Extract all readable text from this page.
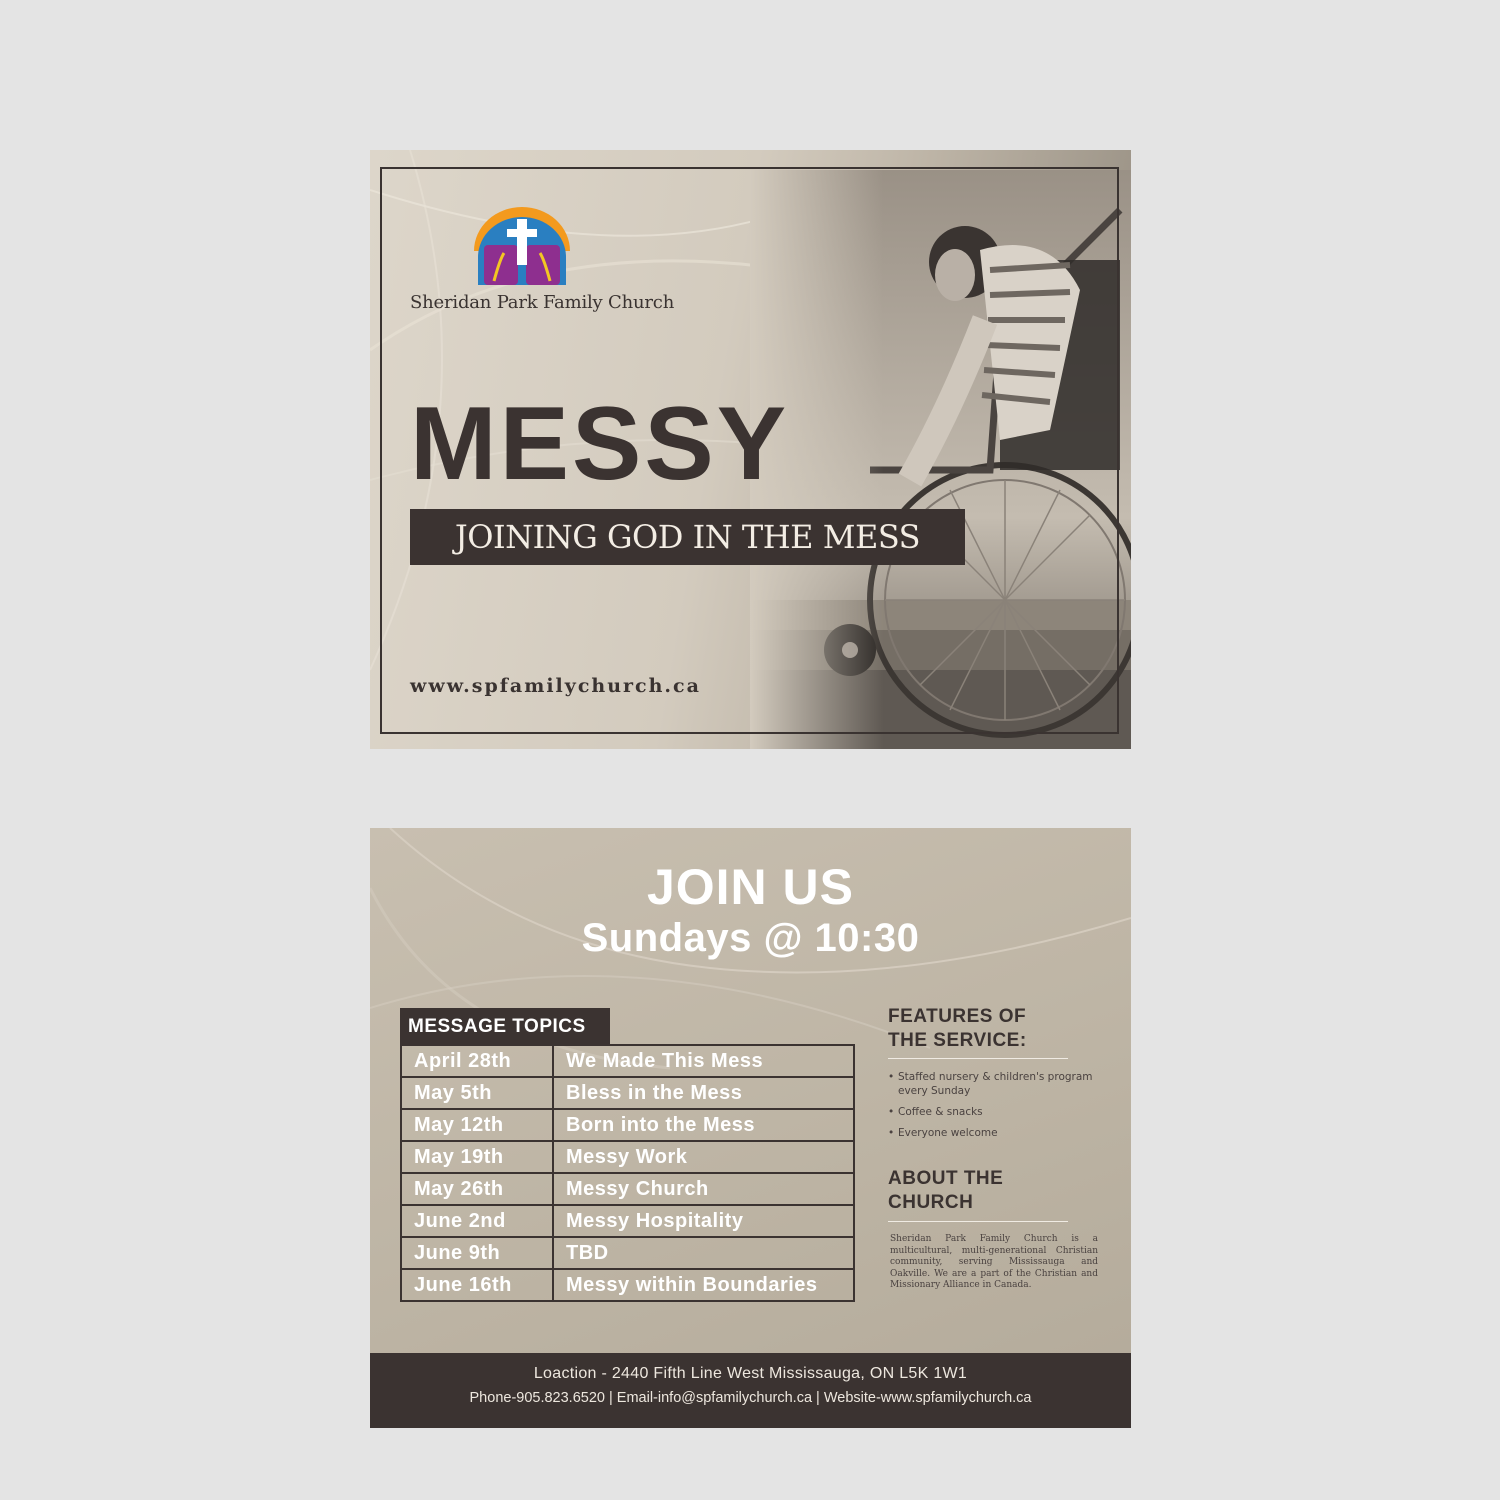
Sheridan Park Family Church
MESSY
JOINING GOD IN THE MESS
www.spfamilychurch.ca
JOIN US
Sundays @ 10:30
MESSAGE TOPICS
April 28th	We Made This Mess
May 5th	Bless in the Mess
May 12th	Born into the Mess
May 19th	Messy Work
May 26th	Messy Church
June 2nd	Messy Hospitality
June 9th	TBD
June 16th	Messy within Boundaries
FEATURES OF
THE SERVICE:
• Staffed nursery & children's program every Sunday
• Coffee & snacks
• Everyone welcome
ABOUT THE
CHURCH
Sheridan Park Family Church is a multicultural, multi-generational Christian community, serving Mississauga and Oakville. We are a part of the Christian and Missionary Alliance in Canada.
Loaction - 2440 Fifth Line West Mississauga, ON L5K 1W1
Phone-905.823.6520 | Email-info@spfamilychurch.ca | Website-www.spfamilychurch.ca
